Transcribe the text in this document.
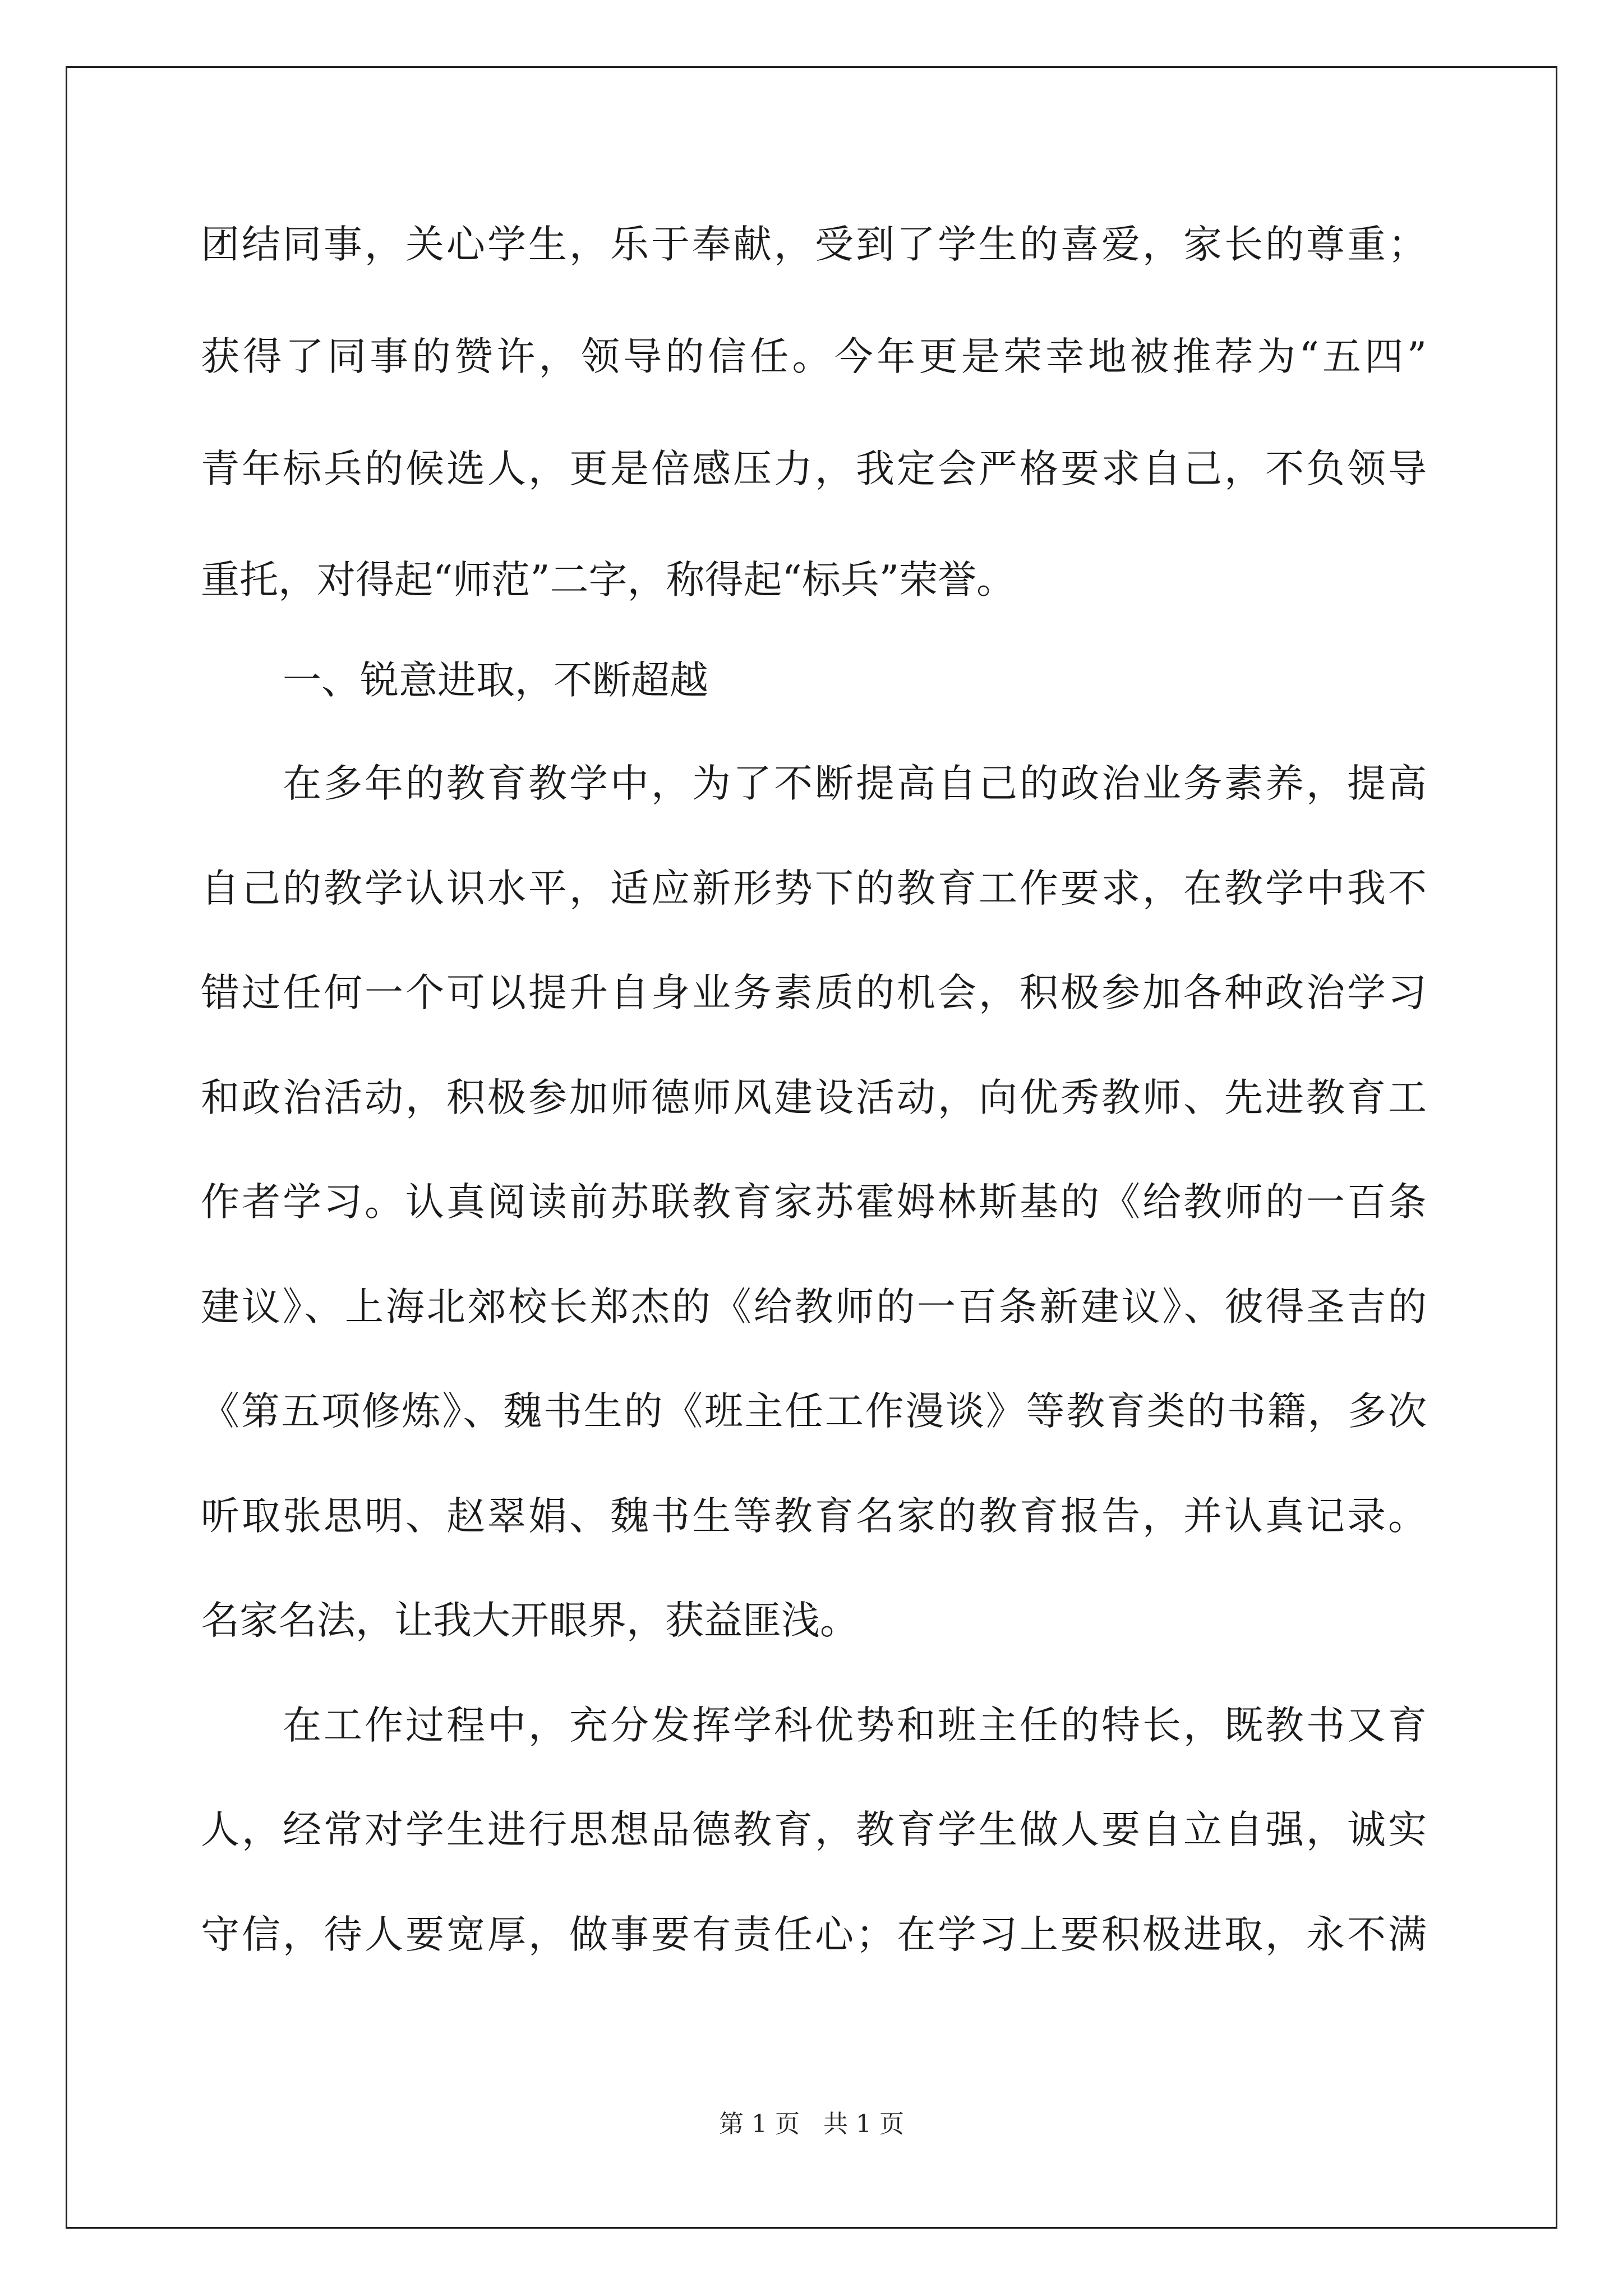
团结同事，关心学生，乐于奉献，受到了学生的喜爱，家长的尊重；
获得了同事的赞许，领导的信任。今年更是荣幸地被推荐为“五四”
青年标兵的候选人，更是倍感压力，我定会严格要求自己，不负领导
重托，对得起“师范”二字，称得起“标兵”荣誉。
一、锐意进取，不断超越
在多年的教育教学中，为了不断提高自己的政治业务素养，提高
自己的教学认识水平，适应新形势下的教育工作要求，在教学中我不
错过任何一个可以提升自身业务素质的机会，积极参加各种政治学习
和政治活动，积极参加师德师风建设活动，向优秀教师、先进教育工
作者学习。认真阅读前苏联教育家苏霍姆林斯基的《给教师的一百条
建议》、上海北郊校长郑杰的《给教师的一百条新建议》、彼得圣吉的
《第五项修炼》、魏书生的《班主任工作漫谈》等教育类的书籍，多次
听取张思明、赵翠娟、魏书生等教育名家的教育报告，并认真记录。
名家名法，让我大开眼界，获益匪浅。
在工作过程中，充分发挥学科优势和班主任的特长，既教书又育
人，经常对学生进行思想品德教育，教育学生做人要自立自强，诚实
守信，待人要宽厚，做事要有责任心；在学习上要积极进取，永不满
第 1 页   共 1 页
